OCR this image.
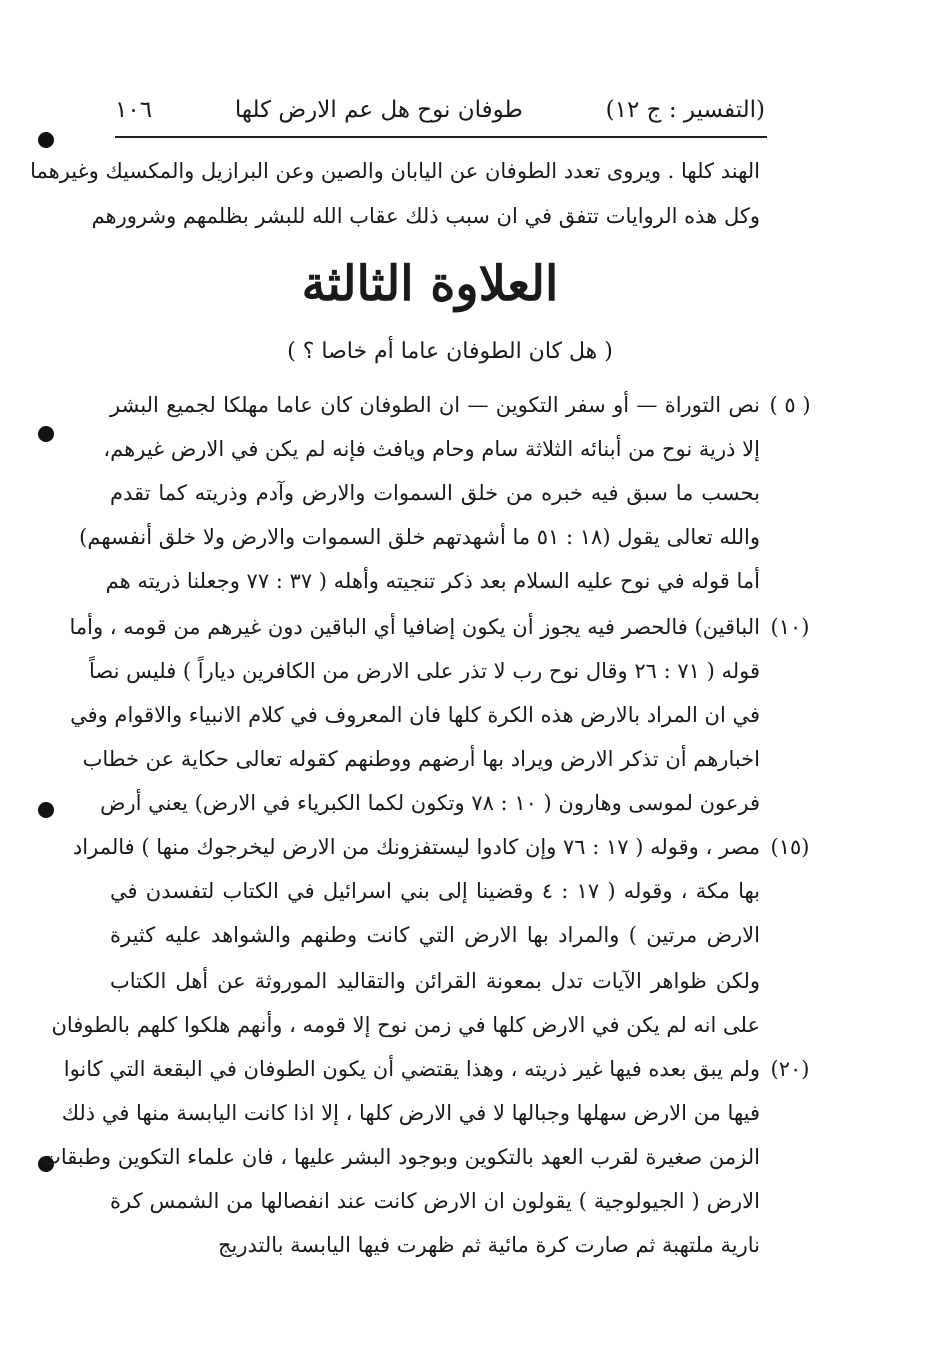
١٠٦	طوفان نوح هل عم الارض كلها	(التفسير : ج ١٢)
الهند كلها . ويروى تعدد الطوفان عن اليابان والصين وعن البرازيل والمكسيك وغيرهما
وكل هذه الروايات تتفق في ان سبب ذلك عقاب الله للبشر بظلمهم وشرورهم
العلاوة الثالثة
( هل كان الطوفان عاما أم خاصا ؟ )
( ٥ )
(١٠)
(١٥)
(٢٠)
نص التوراة — أو سفر التكوين — ان الطوفان كان عاما مهلكا لجميع البشر
إلا ذرية نوح من أبنائه الثلاثة سام وحام ويافث فإنه لم يكن في الارض غيرهم،
بحسب ما سبق فيه خبره من خلق السموات والارض وآدم وذريته كما تقدم
والله تعالى يقول (١٨ : ٥١ ما أشهدتهم خلق السموات والارض ولا خلق أنفسهم)
أما قوله في نوح عليه السلام بعد ذكر تنجيته وأهله ( ٣٧ : ٧٧ وجعلنا ذريته هم
الباقين) فالحصر فيه يجوز أن يكون إضافيا أي الباقين دون غيرهم من قومه ، وأما
قوله ( ٧١ : ٢٦ وقال نوح رب لا تذر على الارض من الكافرين دياراً ) فليس نصاً
في ان المراد بالارض هذه الكرة كلها فان المعروف في كلام الانبياء والاقوام وفي
اخبارهم أن تذكر الارض ويراد بها أرضهم ووطنهم كقوله تعالى حكاية عن خطاب
فرعون لموسى وهارون ( ١٠ : ٧٨ وتكون لكما الكبرياء في الارض) يعني أرض
مصر ، وقوله ( ١٧ : ٧٦ وإن كادوا ليستفزونك من الارض ليخرجوك منها ) فالمراد
بها مكة ، وقوله ( ١٧ : ٤ وقضينا إلى بني اسرائيل في الكتاب لتفسدن في
الارض مرتين ) والمراد بها الارض التي كانت وطنهم والشواهد عليه كثيرة
ولكن ظواهر الآيات تدل بمعونة القرائن والتقاليد الموروثة عن أهل الكتاب
على انه لم يكن في الارض كلها في زمن نوح إلا قومه ، وأنهم هلكوا كلهم بالطوفان
ولم يبق بعده فيها غير ذريته ، وهذا يقتضي أن يكون الطوفان في البقعة التي كانوا
فيها من الارض سهلها وجبالها لا في الارض كلها ، إلا اذا كانت اليابسة منها في ذلك
الزمن صغيرة لقرب العهد بالتكوين وبوجود البشر عليها ، فان علماء التكوين وطبقات
الارض ( الجيولوجية ) يقولون ان الارض كانت عند انفصالها من الشمس كرة
نارية ملتهبة ثم صارت كرة مائية ثم ظهرت فيها اليابسة بالتدريج
